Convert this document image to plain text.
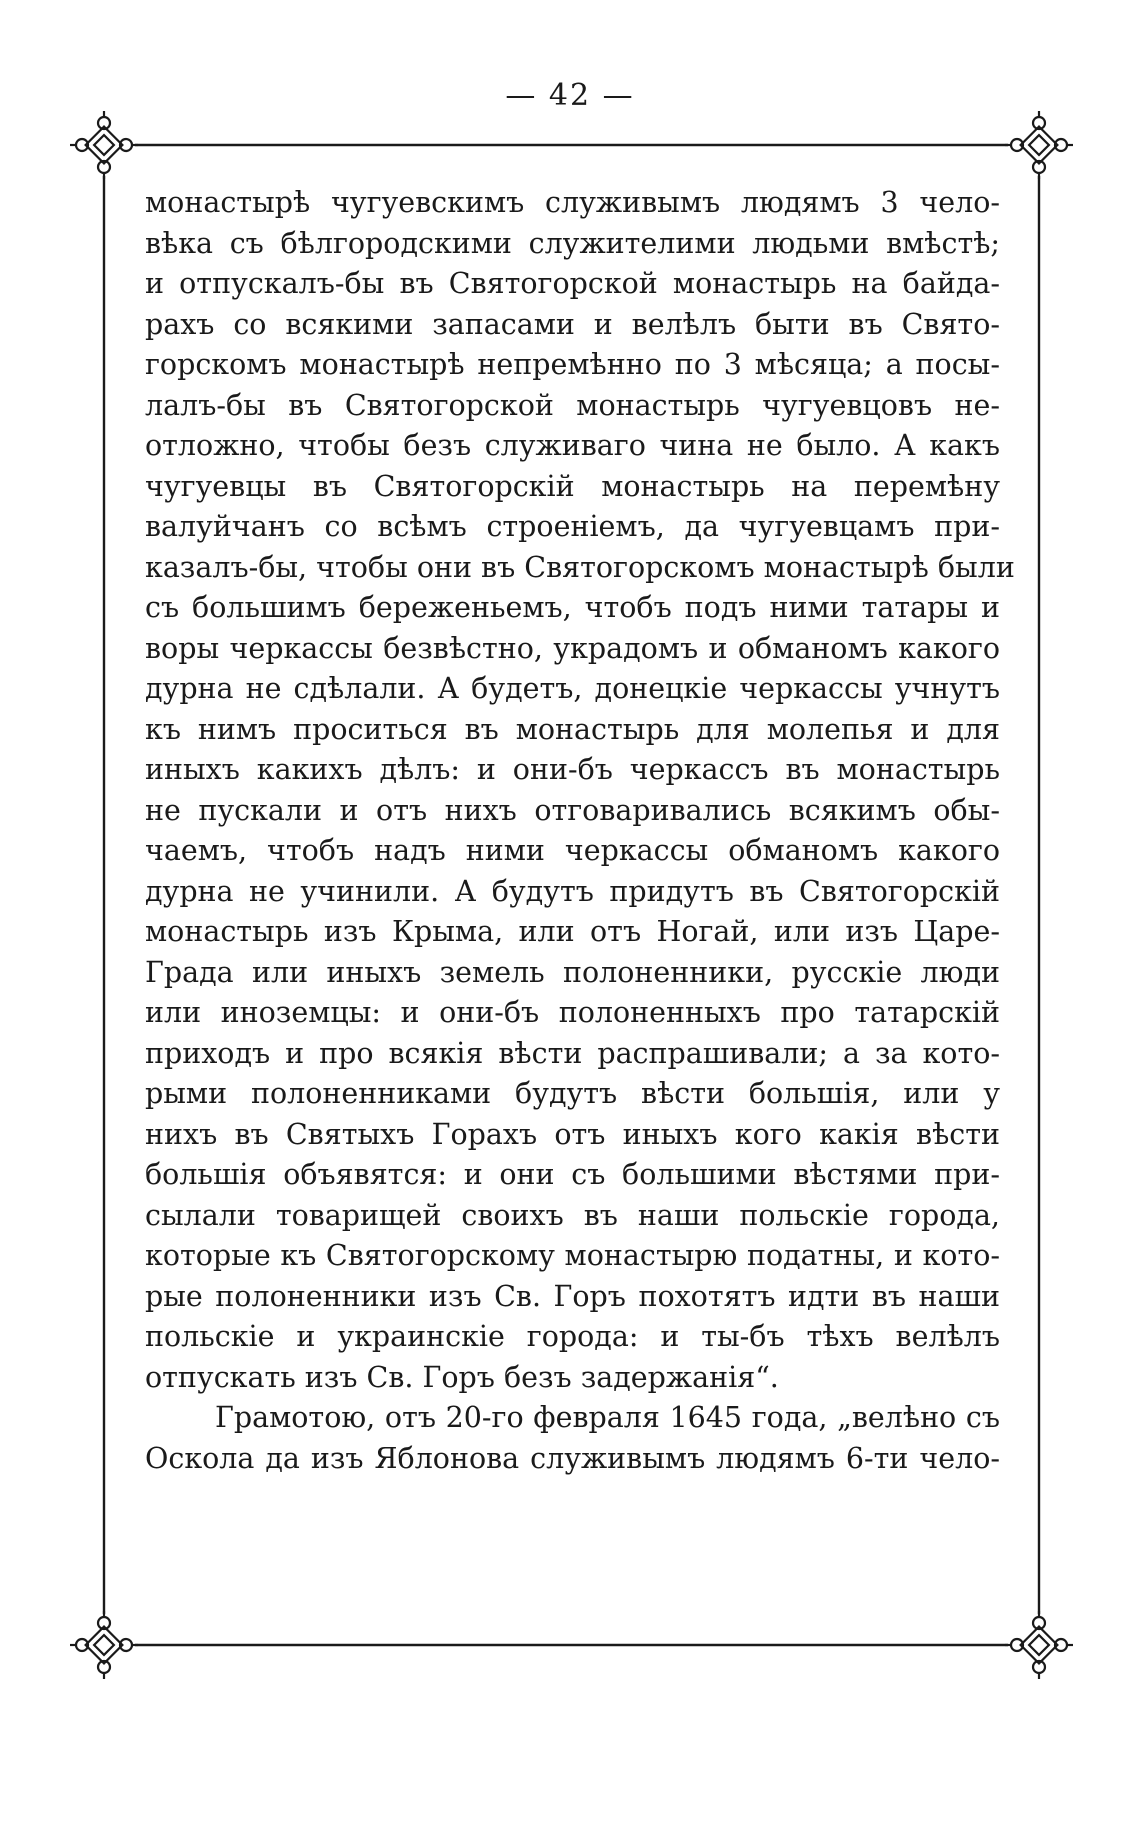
— 42 —
монастырѣ чугуевскимъ служивымъ людямъ 3 чело-
вѣка съ бѣлгородскими служителими людьми вмѣстѣ;
и отпускалъ-бы въ Святогорской монастырь на байда-
рахъ со всякими запасами и велѣлъ быти въ Свято-
горскомъ монастырѣ непремѣнно по 3 мѣсяца; а посы-
лалъ-бы въ Святогорской монастырь чугуевцовъ не-
отложно, чтобы безъ служиваго чина не было. А какъ
чугуевцы въ Святогорскій монастырь на перемѣну
валуйчанъ со всѣмъ строеніемъ, да чугуевцамъ при-
казалъ-бы, чтобы они въ Святогорскомъ монастырѣ были
съ большимъ береженьемъ, чтобъ подъ ними татары и
воры черкассы безвѣстно, украдомъ и обманомъ какого
дурна не сдѣлали. А будетъ, донецкіе черкассы учнутъ
къ нимъ проситься въ монастырь для молепья и для
иныхъ какихъ дѣлъ: и они-бъ черкассъ въ монастырь
не пускали и отъ нихъ отговаривались всякимъ обы-
чаемъ, чтобъ надъ ними черкассы обманомъ какого
дурна не учинили. А будутъ придутъ въ Святогорскій
монастырь изъ Крыма, или отъ Ногай, или изъ Царе-
Града или иныхъ земель полоненники, русскіе люди
или иноземцы: и они-бъ полоненныхъ про татарскій
приходъ и про всякія вѣсти распрашивали; а за кото-
рыми полоненниками будутъ вѣсти большія, или у
нихъ въ Святыхъ Горахъ отъ иныхъ кого какія вѣсти
большія объявятся: и они съ большими вѣстями при-
сылали товарищей своихъ въ наши польскіе города,
которые къ Святогорскому монастырю податны, и кото-
рые полоненники изъ Св. Горъ похотятъ идти въ наши
польскіе и украинскіе города: и ты-бъ тѣхъ велѣлъ
отпускать изъ Св. Горъ безъ задержанія“.
Грамотою, отъ 20-го февраля 1645 года, „велѣно съ
Оскола да изъ Яблонова служивымъ людямъ 6-ти чело-
